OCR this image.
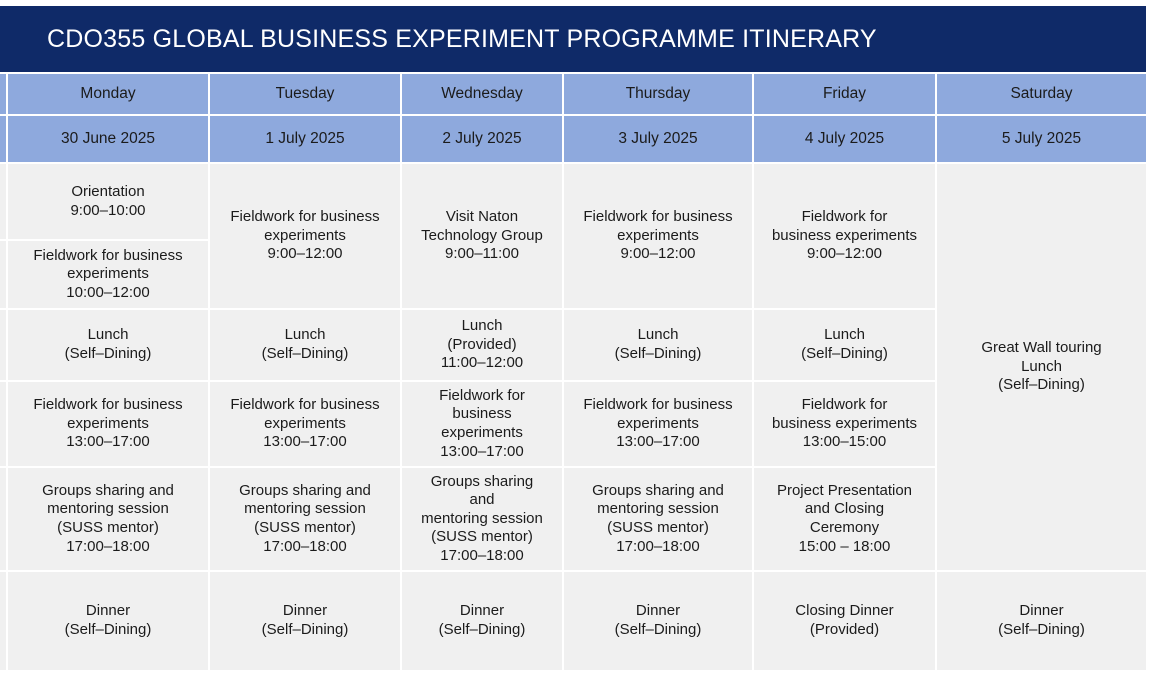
CDO355 GLOBAL BUSINESS EXPERIMENT PROGRAMME ITINERARY
	Monday	Tuesday	Wednesday	Thursday	Friday	Saturday
	30 June 2025	1 July 2025	2 July 2025	3 July 2025	4 July 2025	5 July 2025

	Orientation
9:00–10:00	Fieldwork for business
experiments
9:00–12:00	Visit Naton
Technology Group
9:00–11:00	Fieldwork for business
experiments
9:00–12:00	Fieldwork for
business experiments
9:00–12:00	Great Wall touring
Lunch
(Self–Dining)

	Fieldwork for business
experiments
10:00–12:00					

	Lunch
(Self–Dining)	Lunch
(Self–Dining)	Lunch
(Provided)
11:00–12:00	Lunch
(Self–Dining)	Lunch
(Self–Dining)	

	Fieldwork for business
experiments
13:00–17:00	Fieldwork for business
experiments
13:00–17:00	Fieldwork for
business
experiments
13:00–17:00	Fieldwork for business
experiments
13:00–17:00	Fieldwork for
business experiments
13:00–15:00	

	Groups sharing and
mentoring session
(SUSS mentor)
17:00–18:00	Groups sharing and
mentoring session
(SUSS mentor)
17:00–18:00	Groups sharing
and
mentoring session
(SUSS mentor)
17:00–18:00	Groups sharing and
mentoring session
(SUSS mentor)
17:00–18:00	Project Presentation
and Closing
Ceremony
15:00 – 18:00	

	Dinner
(Self–Dining)	Dinner
(Self–Dining)	Dinner
(Self–Dining)	Dinner
(Self–Dining)	Closing Dinner
(Provided)	Dinner
(Self–Dining)
